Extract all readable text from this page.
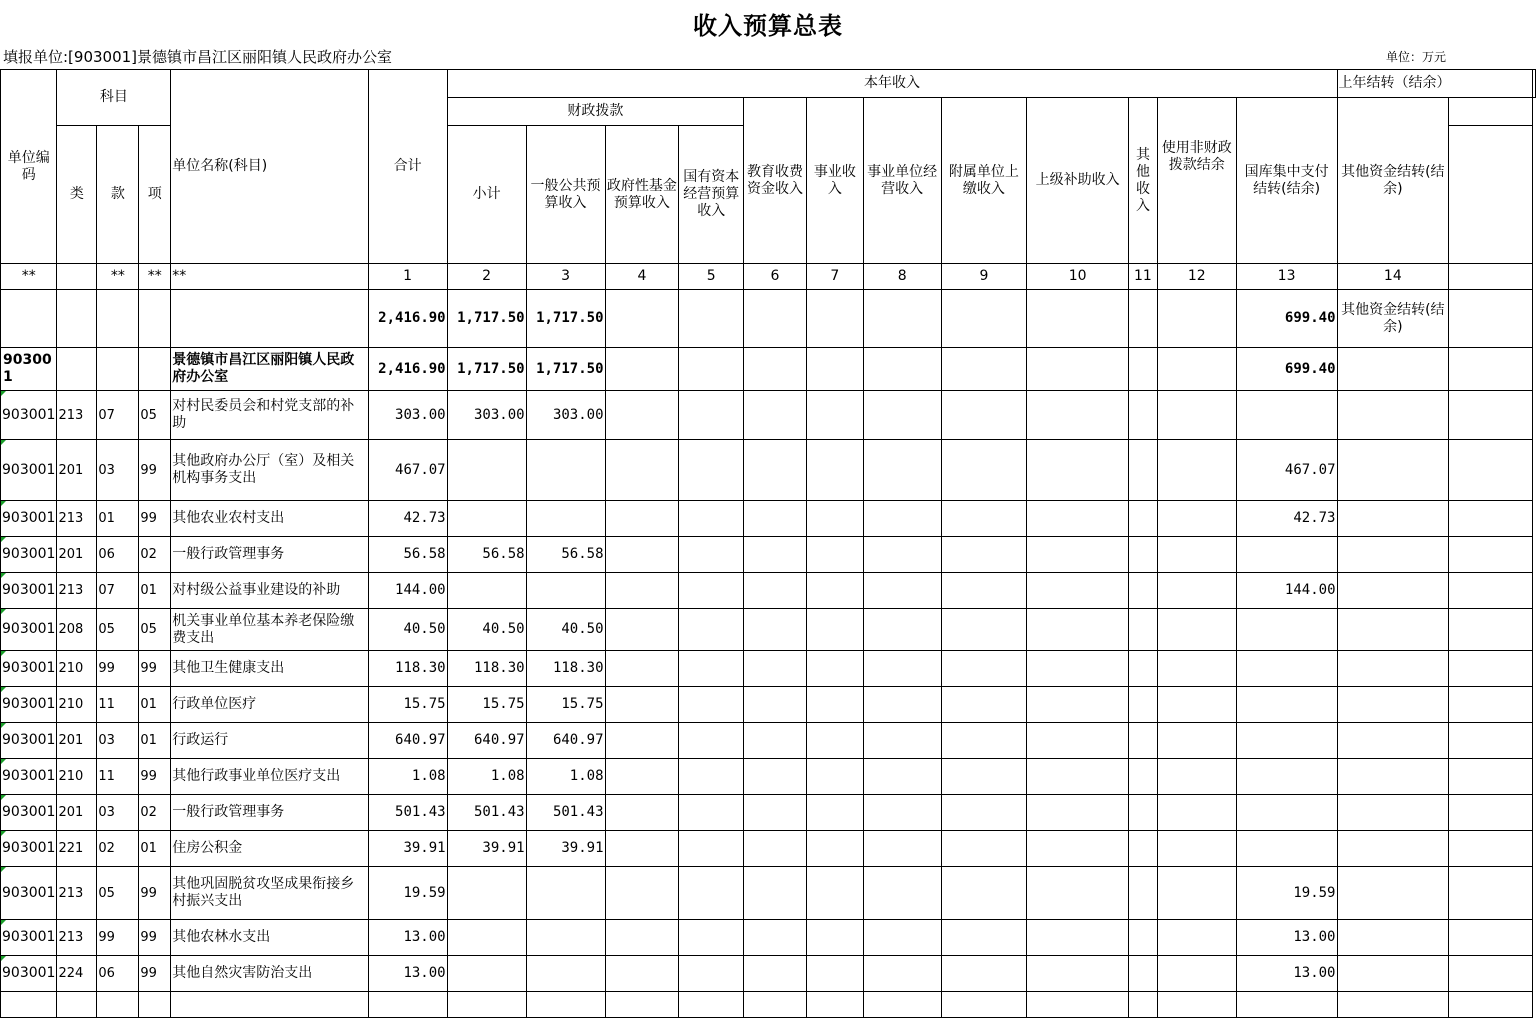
收入预算总表
填报单位:[903001]景德镇市昌江区丽阳镇人民政府办公室	单位：万元
单位编码	科目			单位名称(科目)	合计	本年收入												上年结转（结余）		
						财政拨款				教育收费资金收入	事业收入	事业单位经营收入	附属单位上缴收入	上级补助收入	其他收入	使用非财政拨款结余	国库集中支付结转(结余)	其他资金结转(结余)		
	类	款	项			小计	一般公共预算收入	政府性基金预算收入	国有资本经营预算收入											
**		**	**	**	1	2	3	4	5	6	7	8	9	10	11	12	13	14		
					2,416.90	1,717.50	1,717.50										699.40	其他资金结转(结余)		
903001				景德镇市昌江区丽阳镇人民政府办公室	2,416.90	1,717.50	1,717.50										699.40			
903001	213	07	05	对村民委员会和村党支部的补助	303.00	303.00	303.00													
903001	201	03	99	其他政府办公厅（室）及相关机构事务支出	467.07												467.07			
903001	213	01	99	其他农业农村支出	42.73												42.73			
903001	201	06	02	一般行政管理事务	56.58	56.58	56.58													
903001	213	07	01	对村级公益事业建设的补助	144.00												144.00			
903001	208	05	05	机关事业单位基本养老保险缴费支出	40.50	40.50	40.50													
903001	210	99	99	其他卫生健康支出	118.30	118.30	118.30													
903001	210	11	01	行政单位医疗	15.75	15.75	15.75													
903001	201	03	01	行政运行	640.97	640.97	640.97													
903001	210	11	99	其他行政事业单位医疗支出	1.08	1.08	1.08													
903001	201	03	02	一般行政管理事务	501.43	501.43	501.43													
903001	221	02	01	住房公积金	39.91	39.91	39.91													
903001	213	05	99	其他巩固脱贫攻坚成果衔接乡村振兴支出	19.59												19.59			
903001	213	99	99	其他农林水支出	13.00												13.00			
903001	224	06	99	其他自然灾害防治支出	13.00												13.00			
